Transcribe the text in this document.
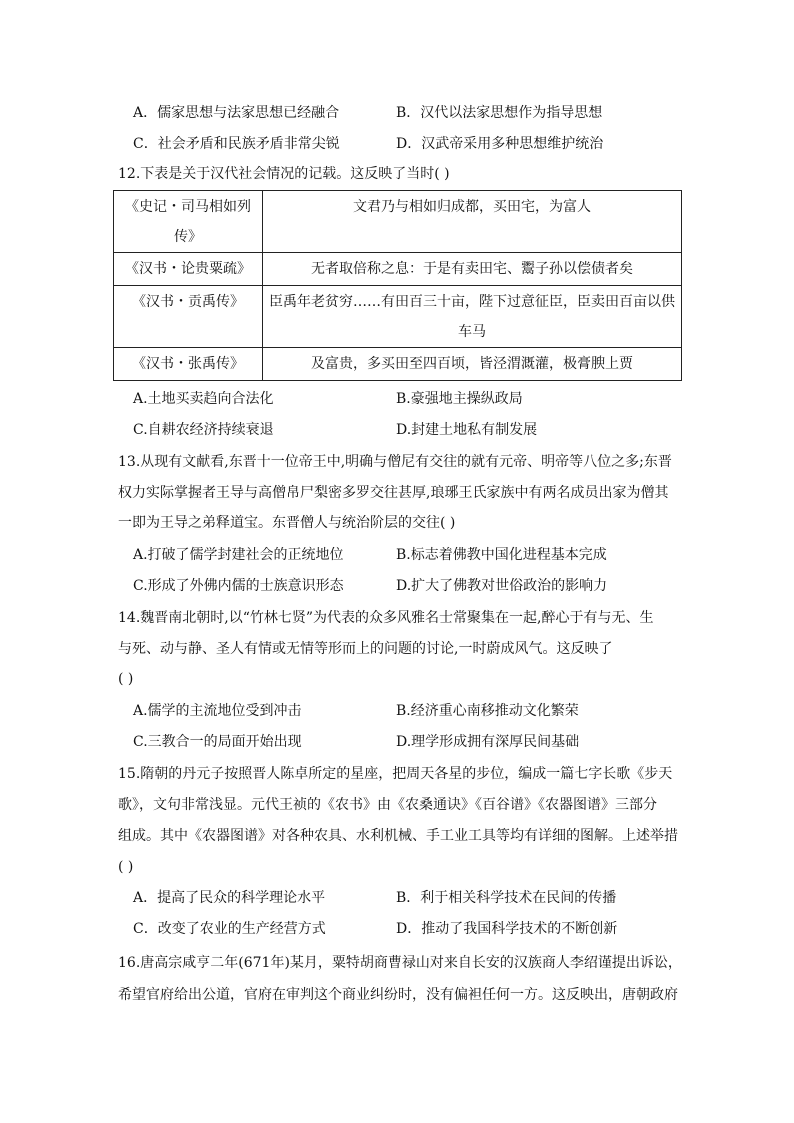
A．儒家思想与法家思想已经融合	B．汉代以法家思想作为指导思想
C．社会矛盾和民族矛盾非常尖锐	D．汉武帝采用多种思想维护统治
12.下表是关于汉代社会情况的记载。这反映了当时( )
《史记・司马相如列传》	文君乃与相如归成都，买田宅，为富人
《汉书・论贵粟疏》	无者取倍称之息：于是有卖田宅、鬻子孙以偿债者矣
《汉书・贡禹传》	臣禹年老贫穷……有田百三十亩，陛下过意征臣，臣卖田百亩以供车马
《汉书・张禹传》	及富贵，多买田至四百顷，皆泾渭溉灌，极膏腴上贾
A.土地买卖趋向合法化	B.豪强地主操纵政局
C.自耕农经济持续衰退	D.封建土地私有制发展
13.从现有文献看,东晋十一位帝王中,明确与僧尼有交往的就有元帝、明帝等八位之多;东晋
权力实际掌握者王导与高僧帛尸梨密多罗交往甚厚,琅琊王氏家族中有两名成员出家为僧其
一即为王导之弟释道宝。东晋僧人与统治阶层的交往( )
A.打破了儒学封建社会的正统地位	B.标志着佛教中国化进程基本完成
C.形成了外佛内儒的士族意识形态	D.扩大了佛教对世俗政治的影响力
14.魏晋南北朝时,以“竹林七贤”为代表的众多风雅名士常聚集在一起,醉心于有与无、生
与死、动与静、圣人有情或无情等形而上的问题的讨论,一时蔚成风气。这反映了
( )
A.儒学的主流地位受到冲击	B.经济重心南移推动文化繁荣
C.三教合一的局面开始出现	D.理学形成拥有深厚民间基础
15.隋朝的丹元子按照晋人陈卓所定的星座，把周天各星的步位，编成一篇七字长歌《步天
歌》，文句非常浅显。元代王祯的《农书》由《农桑通诀》《百谷谱》《农器图谱》三部分
组成。其中《农器图谱》对各种农具、水利机械、手工业工具等均有详细的图解。上述举措
( )
A．提高了民众的科学理论水平	B．利于相关科学技术在民间的传播
C．改变了农业的生产经营方式	D．推动了我国科学技术的不断创新
16.唐高宗咸亨二年(671年)某月，粟特胡商曹禄山对来自长安的汉族商人李绍谨提出诉讼，
希望官府给出公道，官府在审判这个商业纠纷时，没有偏袒任何一方。这反映出，唐朝政府
